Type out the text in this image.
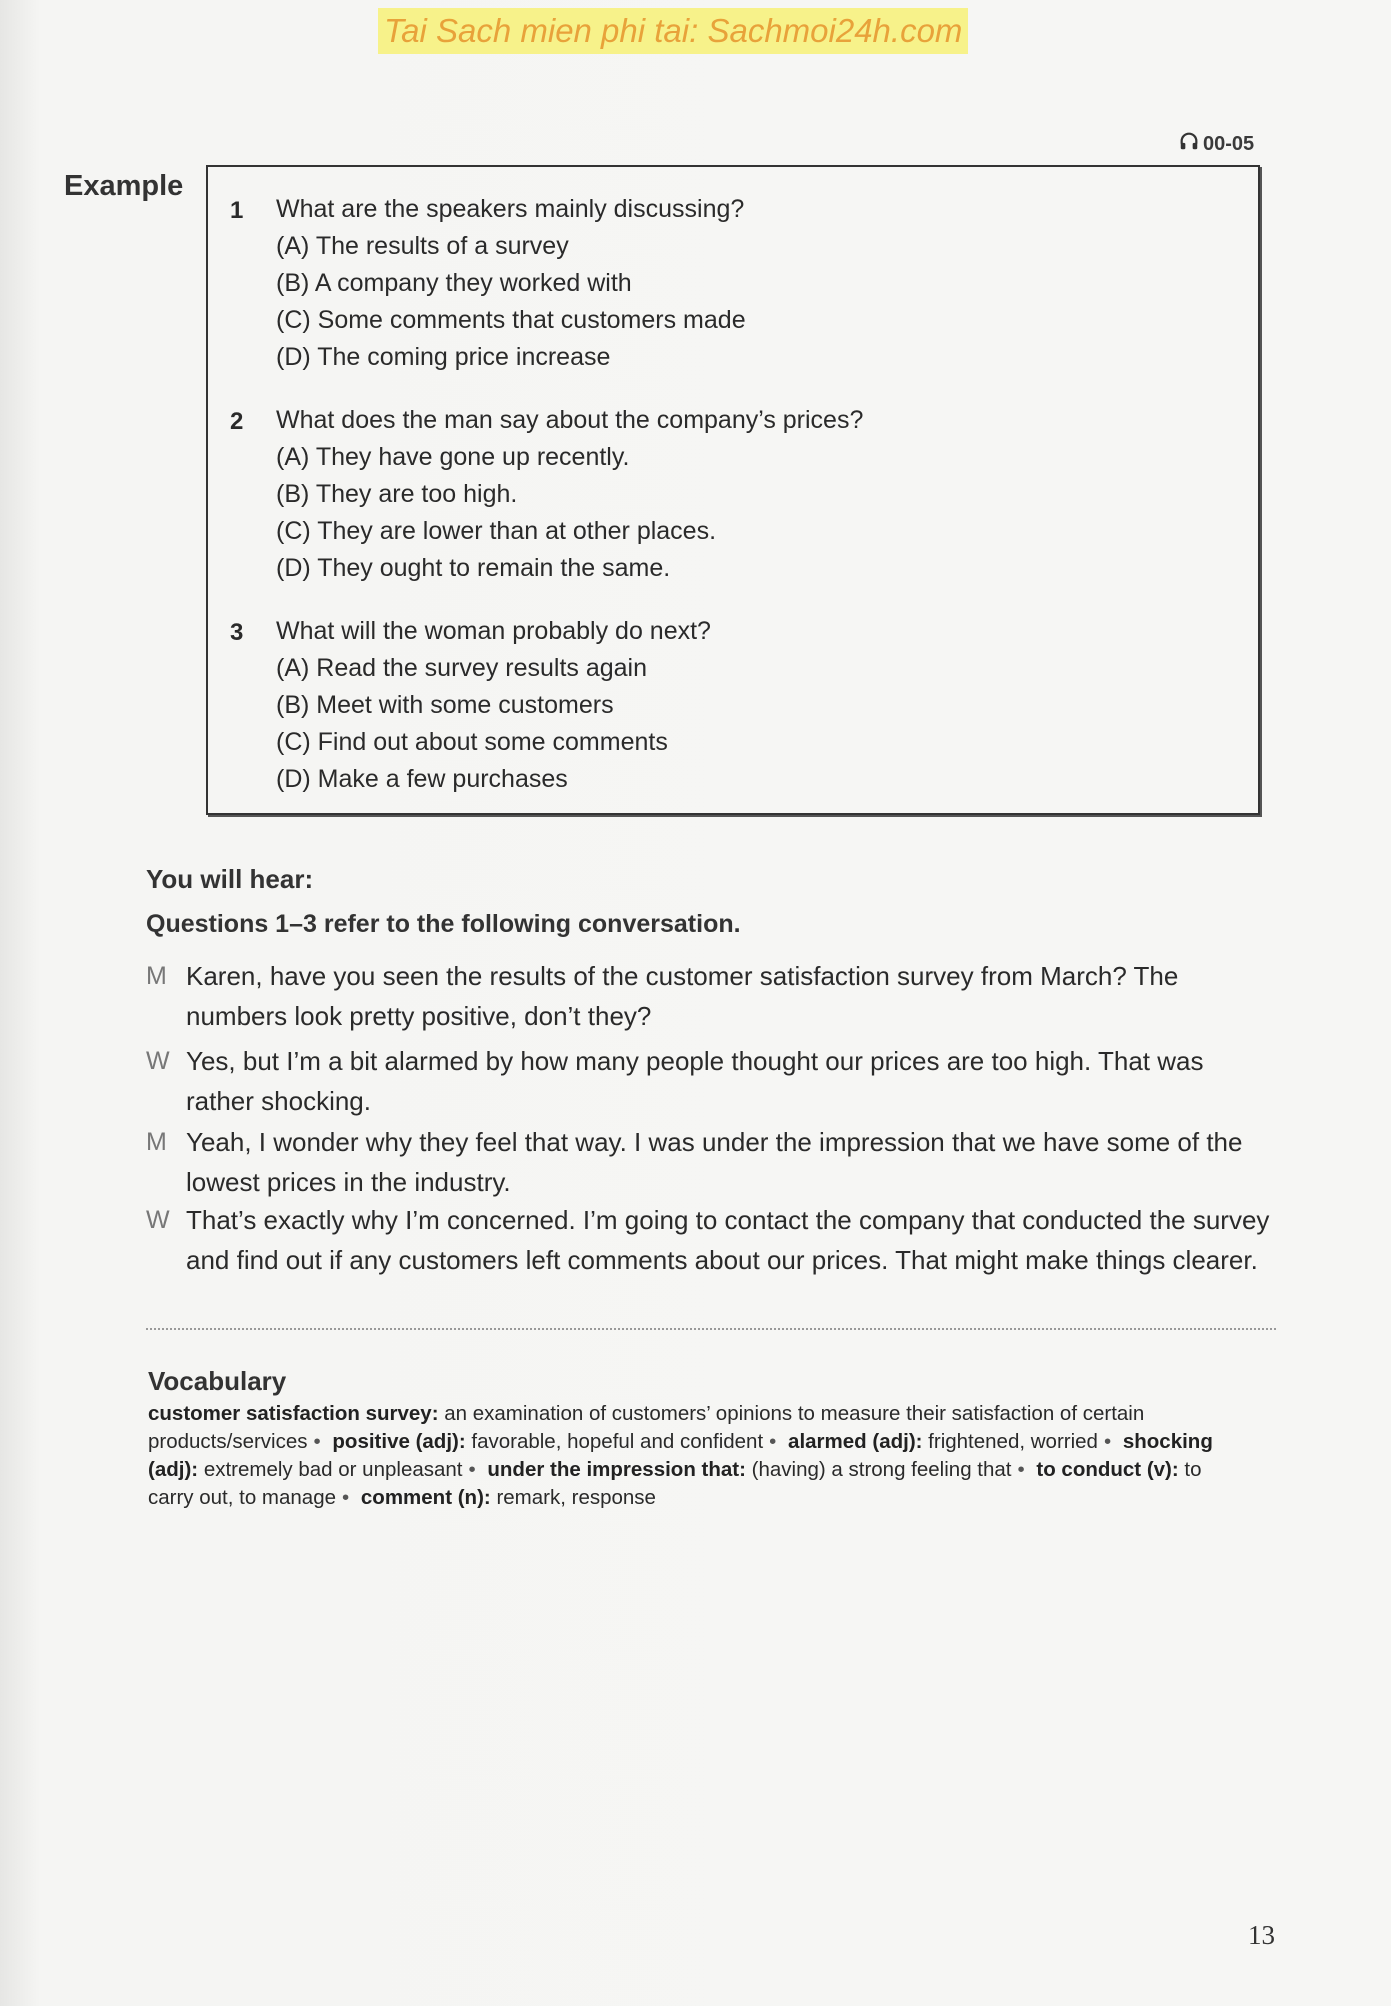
Tai Sach mien phi tai: Sachmoi24h.com
00-05
Example
1 What are the speakers mainly discussing?
(A) The results of a survey
(B) A company they worked with
(C) Some comments that customers made
(D) The coming price increase
2 What does the man say about the company’s prices?
(A) They have gone up recently.
(B) They are too high.
(C) They are lower than at other places.
(D) They ought to remain the same.
3 What will the woman probably do next?
(A) Read the survey results again
(B) Meet with some customers
(C) Find out about some comments
(D) Make a few purchases
You will hear:
Questions 1–3 refer to the following conversation.
M Karen, have you seen the results of the customer satisfaction survey from March? The numbers look pretty positive, don’t they?
W Yes, but I’m a bit alarmed by how many people thought our prices are too high. That was rather shocking.
M Yeah, I wonder why they feel that way. I was under the impression that we have some of the lowest prices in the industry.
W That’s exactly why I’m concerned. I’m going to contact the company that conducted the survey and find out if any customers left comments about our prices. That might make things clearer.
Vocabulary
customer satisfaction survey: an examination of customers’ opinions to measure their satisfaction of certain products/services • positive (adj): favorable, hopeful and confident • alarmed (adj): frightened, worried • shocking (adj): extremely bad or unpleasant • under the impression that: (having) a strong feeling that • to conduct (v): to carry out, to manage • comment (n): remark, response
13
